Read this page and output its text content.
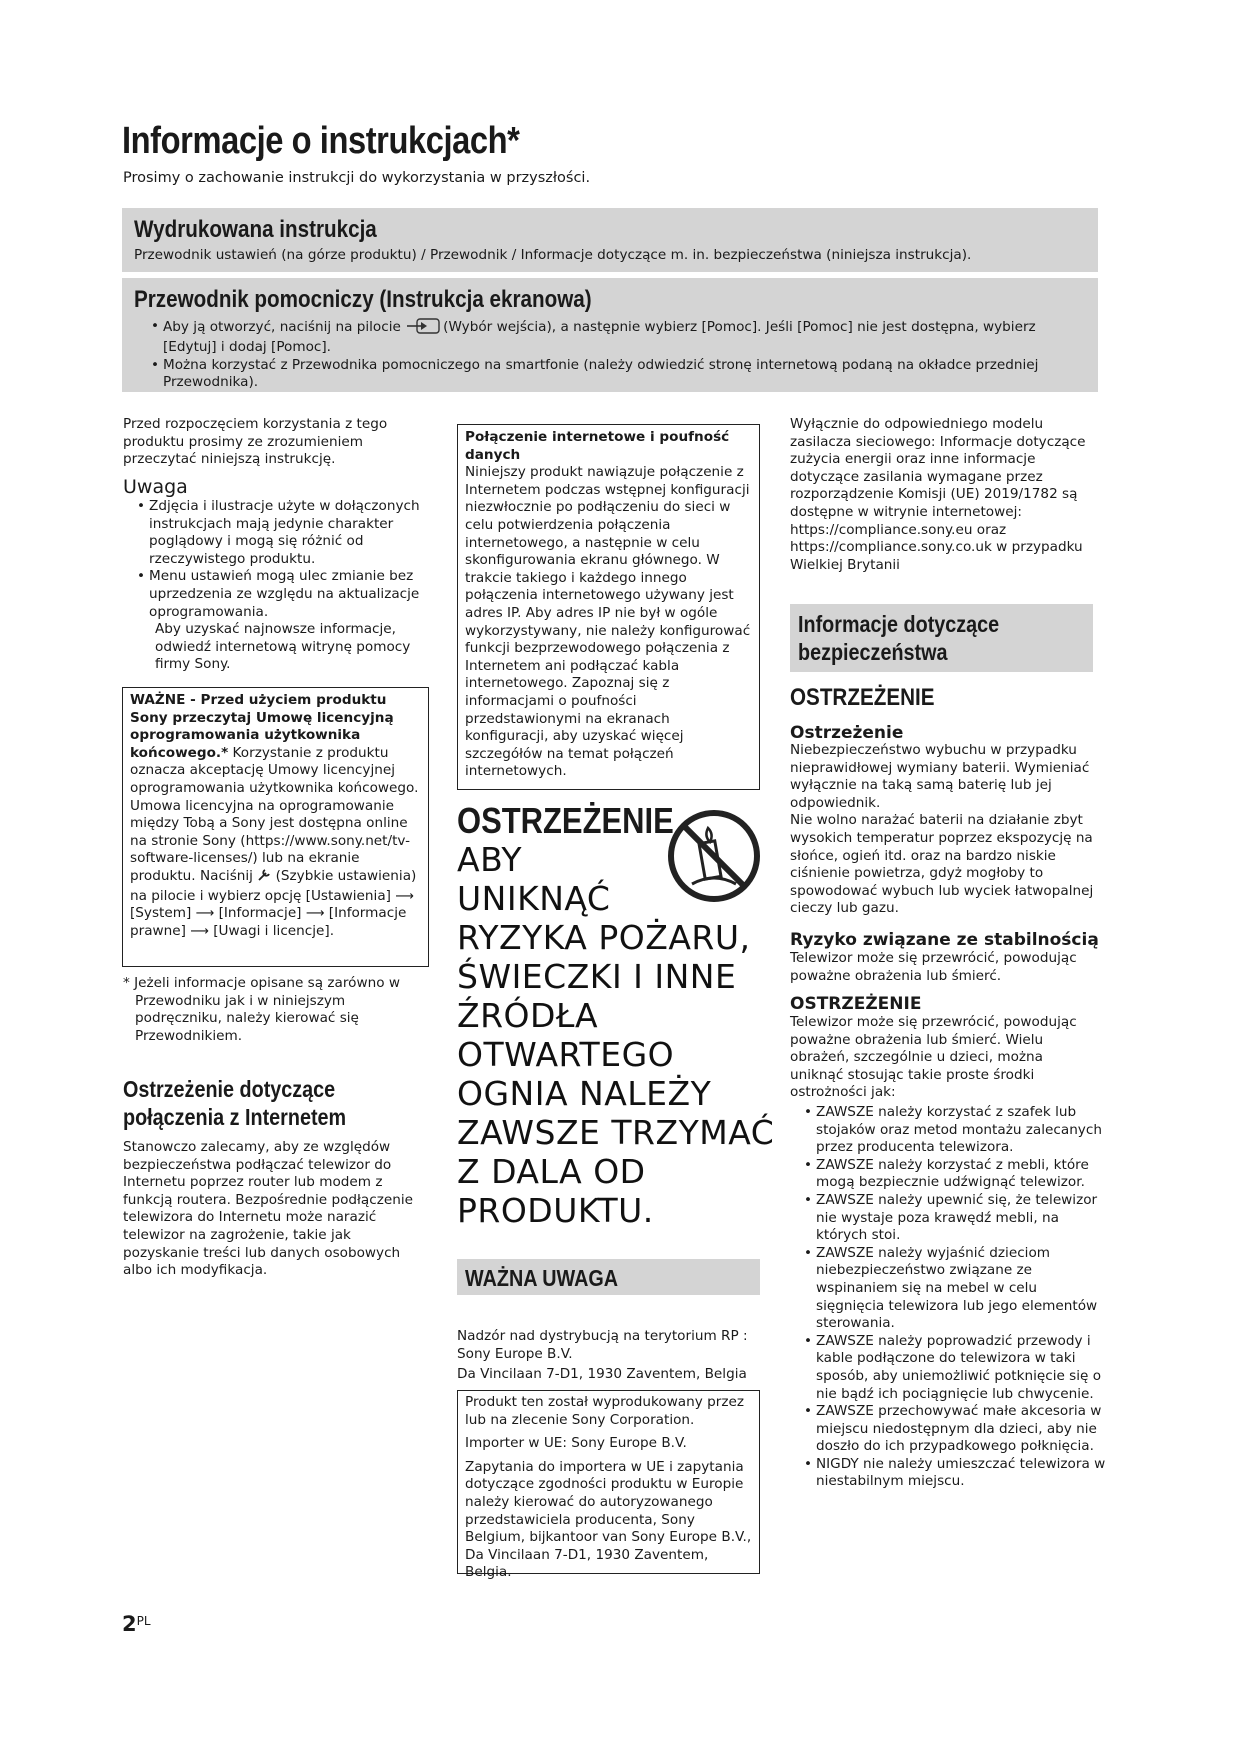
Informacje o instrukcjach*
Prosimy o zachowanie instrukcji do wykorzystania w przyszłości.
Wydrukowana instrukcja
Przewodnik ustawień (na górze produktu) / Przewodnik / Informacje dotyczące m. in. bezpieczeństwa (niniejsza instrukcja).
Przewodnik pomocniczy (Instrukcja ekranowa)
• Aby ją otworzyć, naciśnij na pilocie	(Wybór wejścia), a następnie wybierz [Pomoc]. Jeśli [Pomoc] nie jest dostępna, wybierz [Edytuj] i dodaj [Pomoc].
• Można korzystać z Przewodnika pomocniczego na smartfonie (należy odwiedzić stronę internetową podaną na okładce przedniej Przewodnika).
Przed rozpoczęciem korzystania z tego produktu prosimy ze zrozumieniem przeczytać niniejszą instrukcję.
Uwaga
• Zdjęcia i ilustracje użyte w dołączonych instrukcjach mają jedynie charakter poglądowy i mogą się różnić od rzeczywistego produktu.
• Menu ustawień mogą ulec zmianie bez uprzedzenia ze względu na aktualizacje oprogramowania.
Aby uzyskać najnowsze informacje, odwiedź internetową witrynę pomocy firmy Sony.
WAŻNE - Przed użyciem produktu Sony przeczytaj Umowę licencyjną oprogramowania użytkownika końcowego.* Korzystanie z produktu oznacza akceptację Umowy licencyjnej oprogramowania użytkownika końcowego. Umowa licencyjna na oprogramowanie między Tobą a Sony jest dostępna online na stronie Sony (https://www.sony.net/tv-software-licenses/) lub na ekranie produktu. Naciśnij (Szybkie ustawienia) na pilocie i wybierz opcję [Ustawienia] ⟶ [System] ⟶ [Informacje] ⟶ [Informacje prawne] ⟶ [Uwagi i licencje].
* Jeżeli informacje opisane są zarówno w Przewodniku jak i w niniejszym podręczniku, należy kierować się Przewodnikiem.
Ostrzeżenie dotyczące
połączenia z Internetem
Stanowczo zalecamy, aby ze względów bezpieczeństwa podłączać telewizor do Internetu poprzez router lub modem z funkcją routera. Bezpośrednie podłączenie telewizora do Internetu może narazić telewizor na zagrożenie, takie jak pozyskanie treści lub danych osobowych albo ich modyfikacja.
Połączenie internetowe i poufność danych
Niniejszy produkt nawiązuje połączenie z Internetem podczas wstępnej konfiguracji niezwłocznie po podłączeniu do sieci w celu potwierdzenia połączenia internetowego, a następnie w celu skonfigurowania ekranu głównego. W trakcie takiego i każdego innego połączenia internetowego używany jest adres IP. Aby adres IP nie był w ogóle wykorzystywany, nie należy konfigurować funkcji bezprzewodowego połączenia z Internetem ani podłączać kabla internetowego. Zapoznaj się z informacjami o poufności przedstawionymi na ekranach konfiguracji, aby uzyskać więcej szczegółów na temat połączeń internetowych.
OSTRZEŻENIE
ABY
UNIKNĄĆ
RYZYKA POŻARU,
ŚWIECZKI I INNE
ŹRÓDŁA
OTWARTEGO
OGNIA NALEŻY
ZAWSZE TRZYMAĆ
Z DALA OD
PRODUKTU.
WAŻNA UWAGA
Nadzór nad dystrybucją na terytorium RP : Sony Europe B.V.
Da Vincilaan 7-D1, 1930 Zaventem, Belgia
Produkt ten został wyprodukowany przez lub na zlecenie Sony Corporation.
Importer w UE: Sony Europe B.V.
Zapytania do importera w UE i zapytania dotyczące zgodności produktu w Europie należy kierować do autoryzowanego przedstawiciela producenta, Sony Belgium, bijkantoor van Sony Europe B.V., Da Vincilaan 7-D1, 1930 Zaventem, Belgia.
Wyłącznie do odpowiedniego modelu zasilacza sieciowego: Informacje dotyczące zużycia energii oraz inne informacje dotyczące zasilania wymagane przez rozporządzenie Komisji (UE) 2019/1782 są dostępne w witrynie internetowej: https://compliance.sony.eu oraz https://compliance.sony.co.uk w przypadku Wielkiej Brytanii
Informacje dotyczące
bezpieczeństwa
OSTRZEŻENIE
Ostrzeżenie
Niebezpieczeństwo wybuchu w przypadku nieprawidłowej wymiany baterii. Wymieniać wyłącznie na taką samą baterię lub jej odpowiednik.
Nie wolno narażać baterii na działanie zbyt wysokich temperatur poprzez ekspozycję na słońce, ogień itd. oraz na bardzo niskie ciśnienie powietrza, gdyż mogłoby to spowodować wybuch lub wyciek łatwopalnej cieczy lub gazu.
Ryzyko związane ze stabilnością
Telewizor może się przewrócić, powodując poważne obrażenia lub śmierć.
OSTRZEŻENIE
Telewizor może się przewrócić, powodując poważne obrażenia lub śmierć. Wielu obrażeń, szczególnie u dzieci, można uniknąć stosując takie proste środki ostrożności jak:
• ZAWSZE należy korzystać z szafek lub stojaków oraz metod montażu zalecanych przez producenta telewizora.
• ZAWSZE należy korzystać z mebli, które mogą bezpiecznie udźwignąć telewizor.
• ZAWSZE należy upewnić się, że telewizor nie wystaje poza krawędź mebli, na których stoi.
• ZAWSZE należy wyjaśnić dzieciom niebezpieczeństwo związane ze wspinaniem się na mebel w celu sięgnięcia telewizora lub jego elementów sterowania.
• ZAWSZE należy poprowadzić przewody i kable podłączone do telewizora w taki sposób, aby uniemożliwić potknięcie się o nie bądź ich pociągnięcie lub chwycenie.
• ZAWSZE przechowywać małe akcesoria w miejscu niedostępnym dla dzieci, aby nie doszło do ich przypadkowego połknięcia.
• NIGDY nie należy umieszczać telewizora w niestabilnym miejscu.
$2^{PL}$
